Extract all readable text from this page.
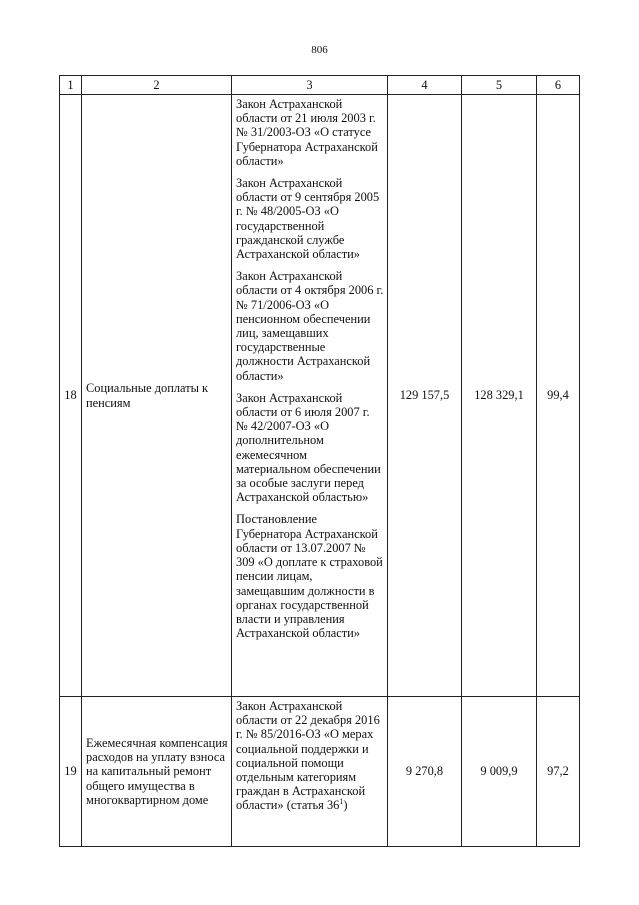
806
1	2	3	4	5	6
18	Социальные доплаты к пенсиям	Закон Астраханской области от 21 июля 2003 г. № 31/2003-ОЗ «О статусе Губернатора Астраханской области»
Закон Астраханской области от 9 сентября 2005 г. № 48/2005-ОЗ «О государственной гражданской службе Астраханской области»
Закон Астраханской области от 4 октября 2006 г. № 71/2006-ОЗ «О пенсионном обеспечении лиц, замещавших государственные должности Астраханской области»
Закон Астраханской области от 6 июля 2007 г. № 42/2007-ОЗ «О дополнительном ежемесячном материальном обеспечении за особые заслуги перед Астраханской областью»
Постановление Губернатора Астраханской области от 13.07.2007 № 309 «О доплате к страховой пенсии лицам, замещавшим должности в органах государственной власти и управления Астраханской области»	129 157,5	128 329,1	99,4
19	Ежемесячная компенсация расходов на уплату взноса на капитальный ремонт общего имущества в многоквартирном доме	Закон Астраханской области от 22 декабря 2016 г. № 85/2016-ОЗ «О мерах социальной поддержки и социальной помощи отдельным категориям граждан в Астраханской области» (статья $36^1$)	9 270,8	9 009,9	97,2
